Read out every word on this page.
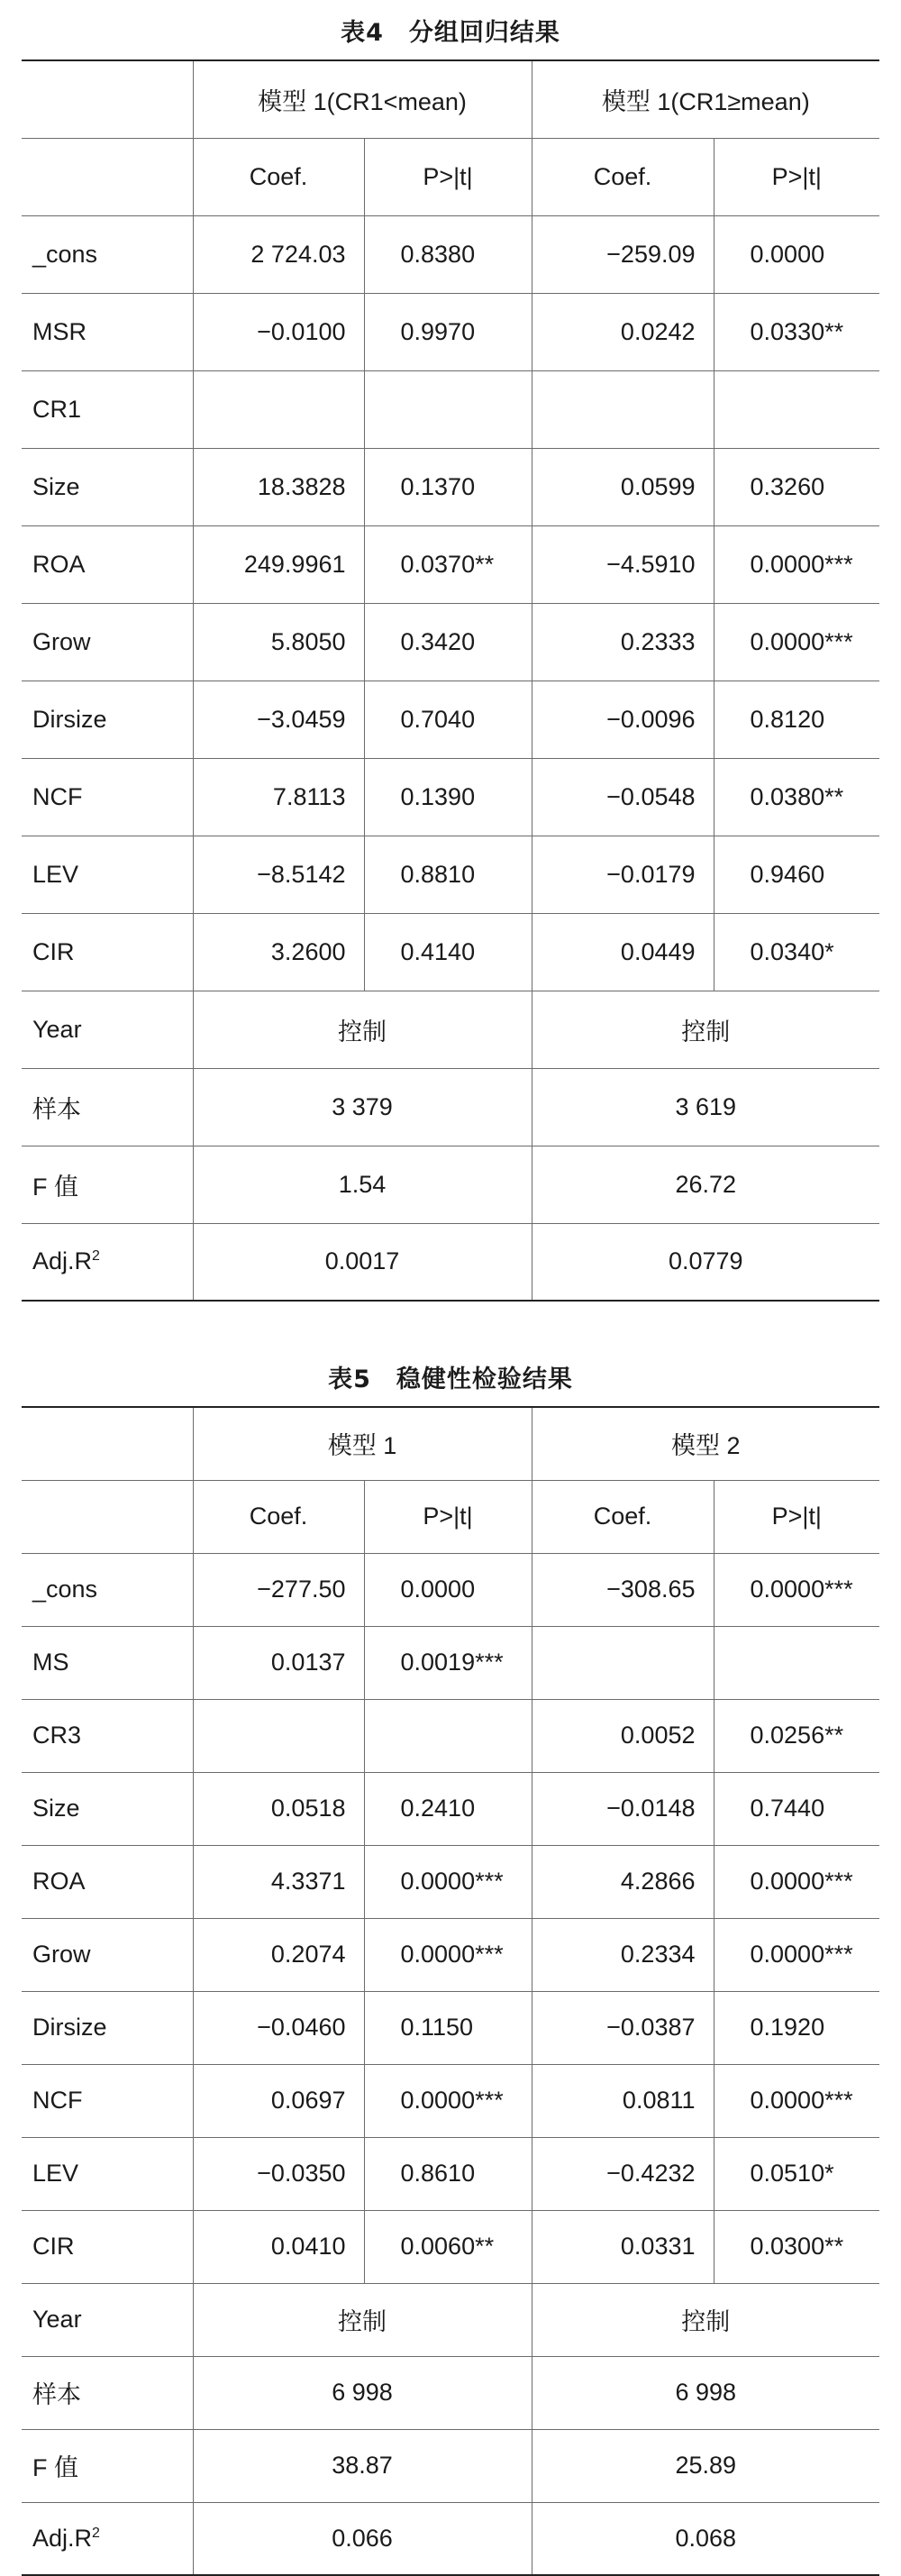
表4　分组回归结果
	模型 1(CR1<mean)		模型 1(CR1≥mean)	
	Coef.	P>|t|	Coef.	P>|t|
_cons	2 724.03	0.8380	−259.09	0.0000
MSR	−0.0100	0.9970	0.0242	0.0330**
CR1				
Size	18.3828	0.1370	0.0599	0.3260
ROA	249.9961	0.0370**	−4.5910	0.0000***
Grow	5.8050	0.3420	0.2333	0.0000***
Dirsize	−3.0459	0.7040	−0.0096	0.8120
NCF	7.8113	0.1390	−0.0548	0.0380**
LEV	−8.5142	0.8810	−0.0179	0.9460
CIR	3.2600	0.4140	0.0449	0.0340*
Year	控制		控制	
样本	3 379		3 619	
F 值	1.54		26.72	
$Adj.R^2$	0.0017		0.0779	
表5　稳健性检验结果
	模型 1		模型 2	
	Coef.	P>|t|	Coef.	P>|t|
_cons	−277.50	0.0000	−308.65	0.0000***
MS	0.0137	0.0019***		
CR3			0.0052	0.0256**
Size	0.0518	0.2410	−0.0148	0.7440
ROA	4.3371	0.0000***	4.2866	0.0000***
Grow	0.2074	0.0000***	0.2334	0.0000***
Dirsize	−0.0460	0.1150	−0.0387	0.1920
NCF	0.0697	0.0000***	0.0811	0.0000***
LEV	−0.0350	0.8610	−0.4232	0.0510*
CIR	0.0410	0.0060**	0.0331	0.0300**
Year	控制		控制	
样本	6 998		6 998	
F 值	38.87		25.89	
$Adj.R^2$	0.066		0.068	
